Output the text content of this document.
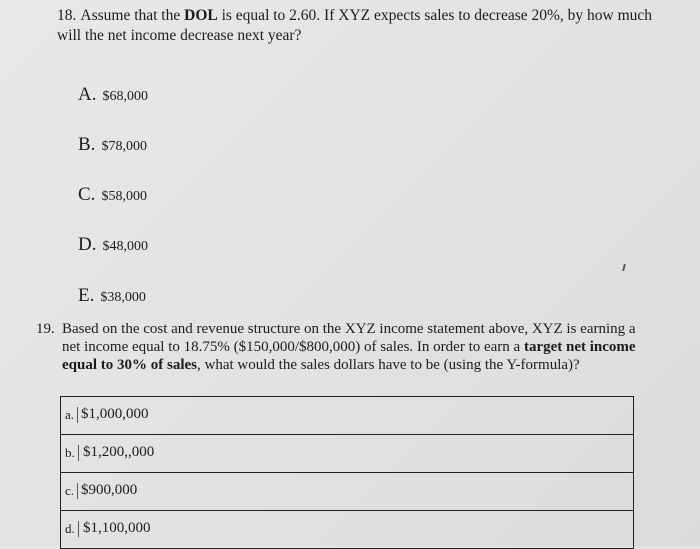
18. Assume that the DOL is equal to 2.60. If XYZ expects sales to decrease 20%, by how much will the net income decrease next year?
A. $68,000
B. $78,000
C. $58,000
D. $48,000
E. $38,000
19. Based on the cost and revenue structure on the XYZ income statement above, XYZ is earning a net income equal to 18.75% ($150,000/$800,000) of sales. In order to earn a target net income equal to 30% of sales, what would the sales dollars have to be (using the Y-formula)?
a. $1,000,000
b. $1,200,,000
c. $900,000
d. $1,100,000
